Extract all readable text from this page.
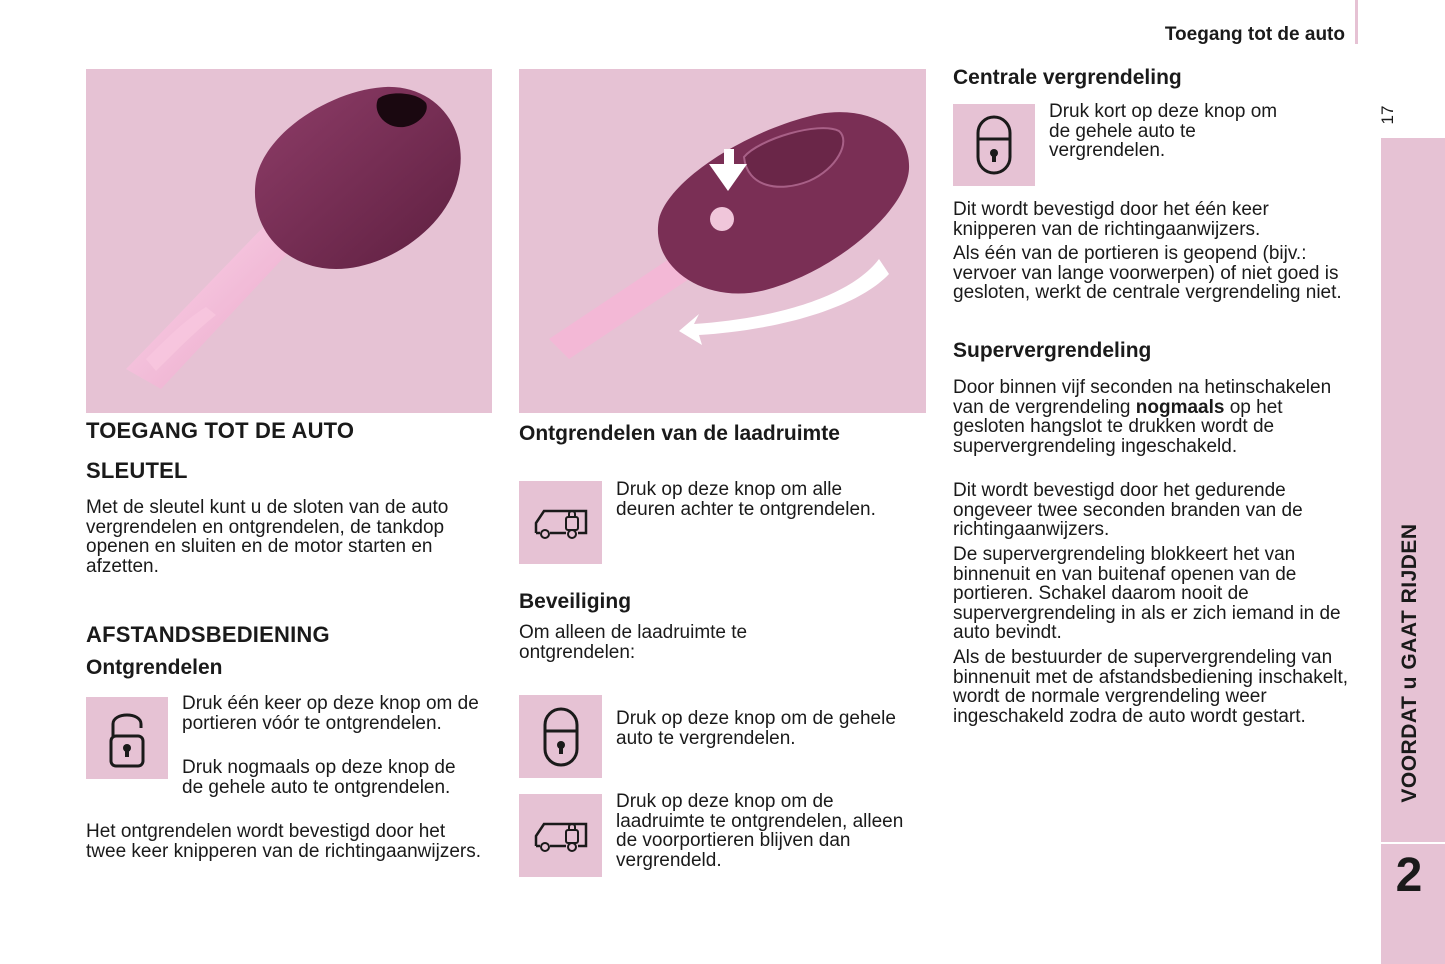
Toegang tot de auto
17
VOORDAT u GAAT RIJDEN
2
TOEGANG TOT DE AUTO
SLEUTEL

Met de sleutel kunt u de sloten van de auto vergrendelen en ontgrendelen, de tankdop openen en sluiten en de motor starten en afzetten.

AFSTANDSBEDIENING
Ontgrendelen

Druk één keer op deze knop om de portieren vóór te ontgrendelen.

Druk nogmaals op deze knop de de gehele auto te ontgrendelen.

Het ontgrendelen wordt bevestigd door het twee keer knipperen van de richtingaanwijzers.

Ontgrendelen van de laadruimte

Druk op deze knop om alle deuren achter te ontgrendelen.

Beveiliging

Om alleen de laadruimte te ontgrendelen:

Druk op deze knop om de gehele auto te vergrendelen.

Druk op deze knop om de laadruimte te ontgrendelen, alleen de voorportieren blijven dan vergrendeld.

Centrale vergrendeling

Druk kort op deze knop om de gehele auto te vergrendelen.

Dit wordt bevestigd door het één keer knipperen van de richtingaanwijzers.

Als één van de portieren is geopend (bijv.: vervoer van lange voorwerpen) of niet goed is gesloten, werkt de centrale vergrendeling niet.

Supervergrendeling

Door binnen vijf seconden na hetinschakelen van de vergrendeling nogmaals op het gesloten hangslot te drukken wordt de supervergrendeling ingeschakeld.

Dit wordt bevestigd door het gedurende ongeveer twee seconden branden van de richtingaanwijzers.

De supervergrendeling blokkeert het van binnenuit en van buitenaf openen van de portieren. Schakel daarom nooit de supervergrendeling in als er zich iemand in de auto bevindt.

Als de bestuurder de supervergrendeling van binnenuit met de afstandsbediening inschakelt, wordt de normale vergrendeling weer ingeschakeld zodra de auto wordt gestart.
